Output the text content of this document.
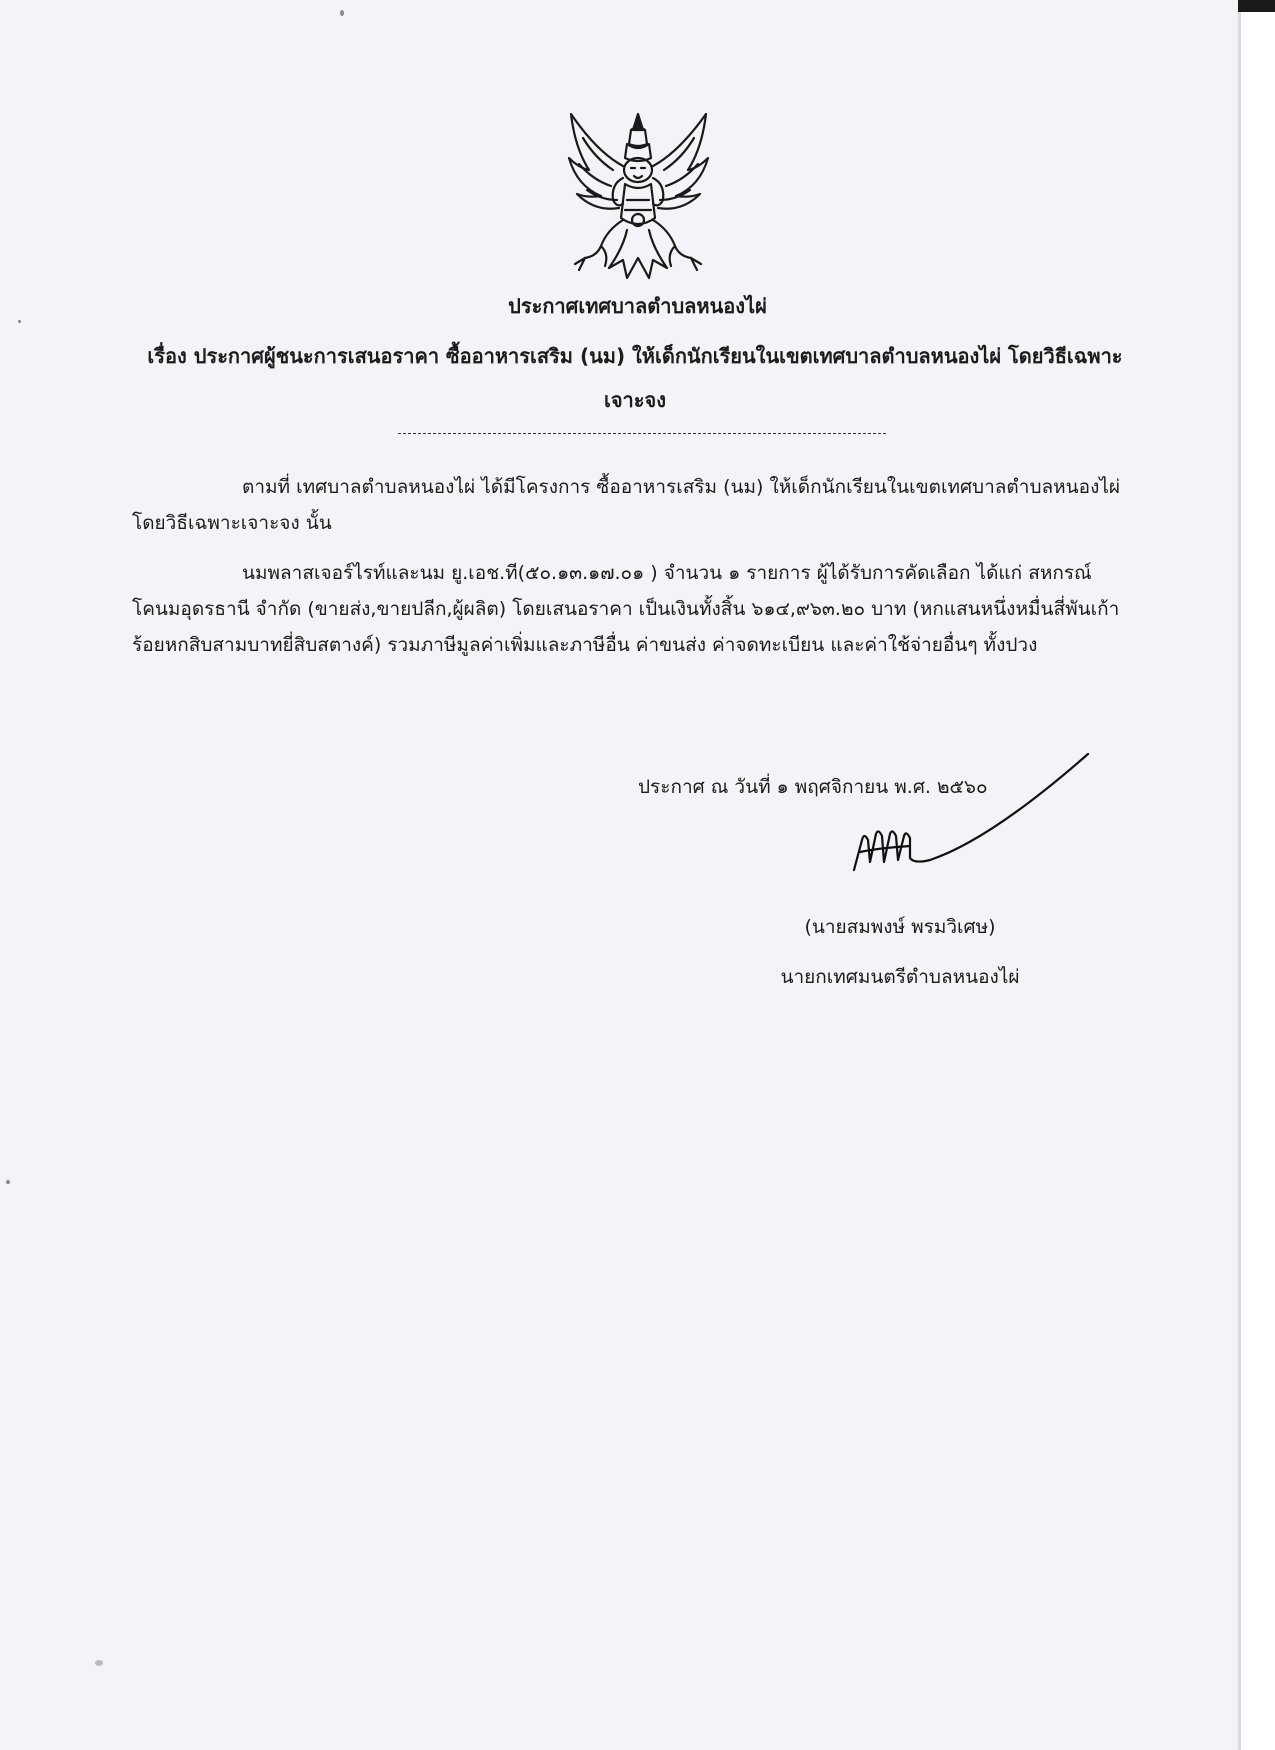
ประกาศเทศบาลตำบลหนองไผ่

เรื่อง ประกาศผู้ชนะการเสนอราคา ซื้ออาหารเสริม (นม) ให้เด็กนักเรียนในเขตเทศบาลตำบลหนองไผ่ โดยวิธีเฉพาะเจาะจง

ตามที่ เทศบาลตำบลหนองไผ่ ได้มีโครงการ ซื้ออาหารเสริม (นม) ให้เด็กนักเรียนในเขตเทศบาลตำบลหนองไผ่ โดยวิธีเฉพาะเจาะจง นั้น

นมพลาสเจอร์ไรท์และนม ยู.เอช.ที(๕๐.๑๓.๑๗.๐๑ ) จำนวน ๑ รายการ ผู้ได้รับการคัดเลือก ได้แก่ สหกรณ์โคนมอุดรธานี จำกัด (ขายส่ง,ขายปลีก,ผู้ผลิต) โดยเสนอราคา เป็นเงินทั้งสิ้น ๖๑๔,๙๖๓.๒๐ บาท (หกแสนหนึ่งหมื่นสี่พันเก้าร้อยหกสิบสามบาทยี่สิบสตางค์) รวมภาษีมูลค่าเพิ่มและภาษีอื่น ค่าขนส่ง ค่าจดทะเบียน และค่าใช้จ่ายอื่นๆ ทั้งปวง

ประกาศ ณ วันที่ ๑ พฤศจิกายน พ.ศ. ๒๕๖๐

(นายสมพงษ์ พรมวิเศษ)

นายกเทศมนตรีตำบลหนองไผ่
